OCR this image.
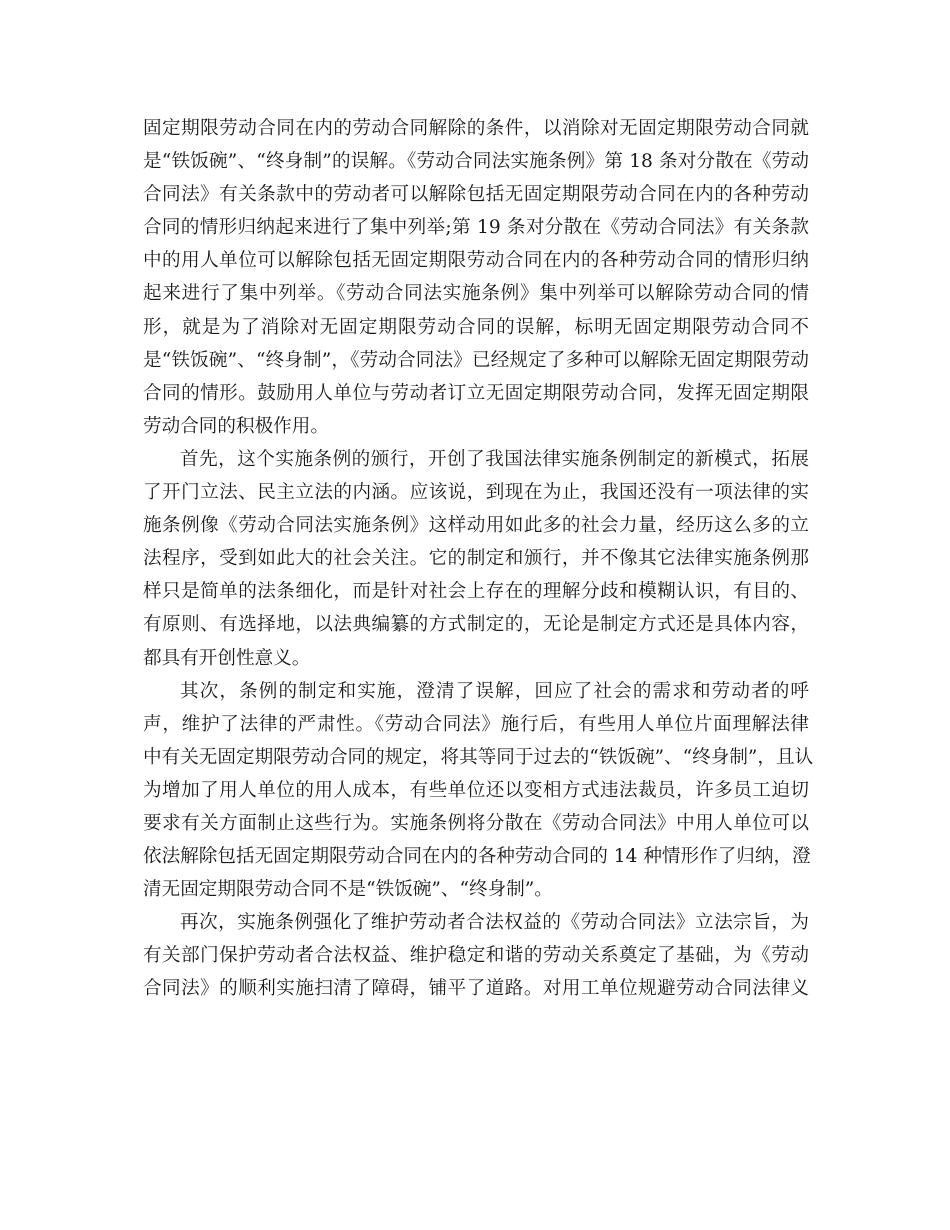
固定期限劳动合同在内的劳动合同解除的条件，以消除对无固定期限劳动合同就
是“铁饭碗”、“终身制”的误解。《劳动合同法实施条例》第 18 条对分散在《劳动
合同法》有关条款中的劳动者可以解除包括无固定期限劳动合同在内的各种劳动
合同的情形归纳起来进行了集中列举;第 19 条对分散在《劳动合同法》有关条款
中的用人单位可以解除包括无固定期限劳动合同在内的各种劳动合同的情形归纳
起来进行了集中列举。《劳动合同法实施条例》集中列举可以解除劳动合同的情
形，就是为了消除对无固定期限劳动合同的误解，标明无固定期限劳动合同不
是“铁饭碗”、“终身制”，《劳动合同法》已经规定了多种可以解除无固定期限劳动
合同的情形。鼓励用人单位与劳动者订立无固定期限劳动合同，发挥无固定期限
劳动合同的积极作用。
首先，这个实施条例的颁行，开创了我国法律实施条例制定的新模式，拓展
了开门立法、民主立法的内涵。应该说，到现在为止，我国还没有一项法律的实
施条例像《劳动合同法实施条例》这样动用如此多的社会力量，经历这么多的立
法程序，受到如此大的社会关注。它的制定和颁行，并不像其它法律实施条例那
样只是简单的法条细化，而是针对社会上存在的理解分歧和模糊认识，有目的、
有原则、有选择地，以法典编纂的方式制定的，无论是制定方式还是具体内容，
都具有开创性意义。
其次，条例的制定和实施，澄清了误解，回应了社会的需求和劳动者的呼
声，维护了法律的严肃性。《劳动合同法》施行后，有些用人单位片面理解法律
中有关无固定期限劳动合同的规定，将其等同于过去的“铁饭碗”、“终身制”，且认
为增加了用人单位的用人成本，有些单位还以变相方式违法裁员，许多员工迫切
要求有关方面制止这些行为。实施条例将分散在《劳动合同法》中用人单位可以
依法解除包括无固定期限劳动合同在内的各种劳动合同的 14 种情形作了归纳，澄
清无固定期限劳动合同不是“铁饭碗”、“终身制”。
再次，实施条例强化了维护劳动者合法权益的《劳动合同法》立法宗旨，为
有关部门保护劳动者合法权益、维护稳定和谐的劳动关系奠定了基础，为《劳动
合同法》的顺利实施扫清了障碍，铺平了道路。对用工单位规避劳动合同法律义
